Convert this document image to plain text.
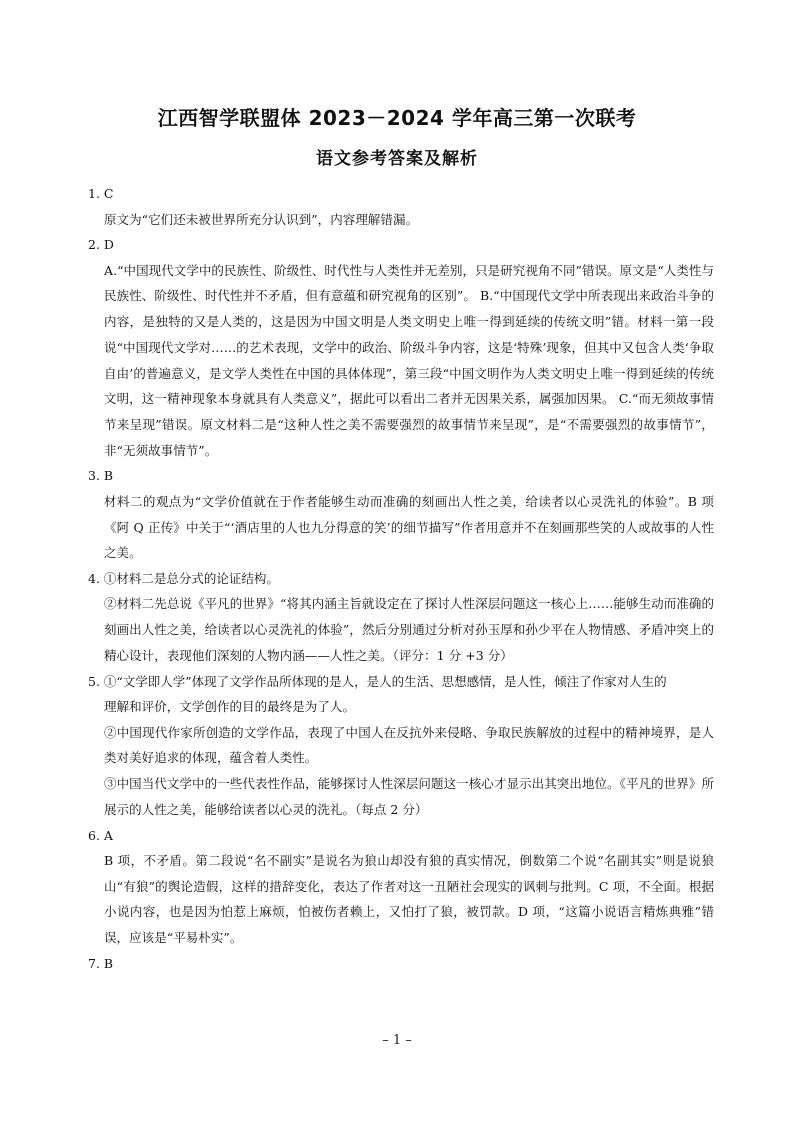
江西智学联盟体 2023－2024 学年高三第一次联考
语文参考答案及解析
1. C

原文为“它们还未被世界所充分认识到”，内容理解错漏。

2. D

A.“中国现代文学中的民族性、阶级性、时代性与人类性并无差别，只是研究视角不同”错误。原文是“人类性与民族性、阶级性、时代性并不矛盾，但有意蕴和研究视角的区别”。 B.“中国现代文学中所表现出来政治斗争的内容，是独特的又是人类的，这是因为中国文明是人类文明史上唯一得到延续的传统文明”错。材料一第一段说“中国现代文学对……的艺术表现，文学中的政治、阶级斗争内容，这是‘特殊’现象，但其中又包含人类‘争取自由’的普遍意义，是文学人类性在中国的具体体现”，第三段“中国文明作为人类文明史上唯一得到延续的传统文明，这一精神现象本身就具有人类意义”，据此可以看出二者并无因果关系，属强加因果。 C.“而无须故事情节来呈现”错误。原文材料二是“这种人性之美不需要强烈的故事情节来呈现”，是“不需要强烈的故事情节”，非“无须故事情节”。

3. B

材料二的观点为“文学价值就在于作者能够生动而准确的刻画出人性之美，给读者以心灵洗礼的体验”。B 项《阿 Q 正传》中关于“‘酒店里的人也九分得意的笑’的细节描写”作者用意并不在刻画那些笑的人或故事的人性之美。

4. ①材料二是总分式的论证结构。

②材料二先总说《平凡的世界》“将其内涵主旨就设定在了探讨人性深层问题这一核心上……能够生动而准确的刻画出人性之美，给读者以心灵洗礼的体验”，然后分别通过分析对孙玉厚和孙少平在人物情感、矛盾冲突上的精心设计，表现他们深刻的人物内涵——人性之美。（评分：1 分 +3 分）

5. ①“文学即人学”体现了文学作品所体现的是人，是人的生活、思想感情，是人性，倾注了作家对人生的

理解和评价，文学创作的目的最终是为了人。

②中国现代作家所创造的文学作品，表现了中国人在反抗外来侵略、争取民族解放的过程中的精神境界，是人类对美好追求的体现，蕴含着人类性。

③中国当代文学中的一些代表性作品，能够探讨人性深层问题这一核心才显示出其突出地位。《平凡的世界》所展示的人性之美，能够给读者以心灵的洗礼。（每点 2 分）

6. A

B 项，不矛盾。第二段说“名不副实”是说名为狼山却没有狼的真实情况，倒数第二个说“名副其实”则是说狼山“有狼”的舆论造假，这样的措辞变化，表达了作者对这一丑陋社会现实的讽刺与批判。C 项，不全面。根据小说内容，也是因为怕惹上麻烦，怕被伤者赖上，又怕打了狼，被罚款。D 项，“这篇小说语言精炼典雅”错误，应该是“平易朴实”。

7. B
– 1 –
